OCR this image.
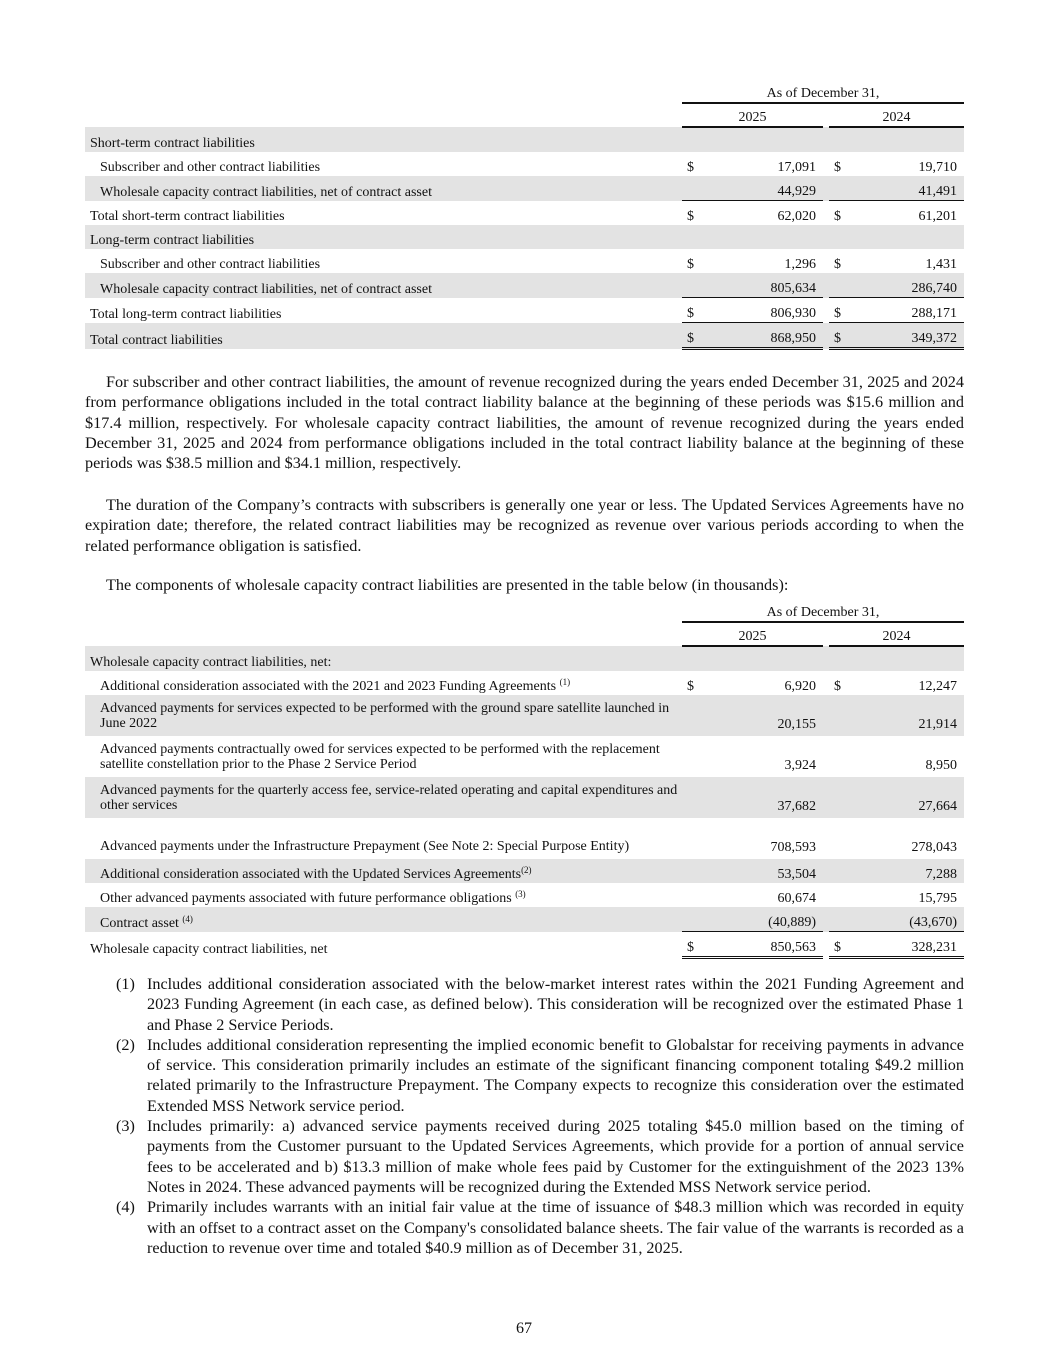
	As of December 31,				
	2025			2024	
Short-term contract liabilities					
Subscriber and other contract liabilities	$	17,091		$	19,710
Wholesale capacity contract liabilities, net of contract asset		44,929			41,491
Total short-term contract liabilities	$	62,020		$	61,201
Long-term contract liabilities					
Subscriber and other contract liabilities	$	1,296		$	1,431
Wholesale capacity contract liabilities, net of contract asset		805,634			286,740
Total long-term contract liabilities	$	806,930		$	288,171
Total contract liabilities	$	868,950		$	349,372

For subscriber and other contract liabilities, the amount of revenue recognized during the years ended December 31, 2025 and 2024 from performance obligations included in the total contract liability balance at the beginning of these periods was $15.6 million and $17.4 million, respectively. For wholesale capacity contract liabilities, the amount of revenue recognized during the years ended December 31, 2025 and 2024 from performance obligations included in the total contract liability balance at the beginning of these periods was $38.5 million and $34.1 million, respectively.

The duration of the Company’s contracts with subscribers is generally one year or less. The Updated Services Agreements have no expiration date; therefore, the related contract liabilities may be recognized as revenue over various periods according to when the related performance obligation is satisfied.

The components of wholesale capacity contract liabilities are presented in the table below (in thousands):

	As of December 31,				
	2025			2024	
Wholesale capacity contract liabilities, net:					
Additional consideration associated with the 2021 and 2023 Funding Agreements $^{(1)}$	$	6,920		$	12,247

Advanced payments for services expected to be performed with the ground spare satellite launched in June 2022		20,155			21,914

Advanced payments contractually owed for services expected to be performed with the replacement satellite constellation prior to the Phase 2 Service Period		3,924			8,950

Advanced payments for the quarterly access fee, service-related operating and capital expenditures and other services		37,682			27,664

Advanced payments under the Infrastructure Prepayment (See Note 2: Special Purpose Entity)		708,593			278,043
Additional consideration associated with the Updated Services Agreements$^{(2)}$		53,504			7,288
Other advanced payments associated with future performance obligations $^{(3)}$		60,674			15,795
Contract asset $^{(4)}$		(40,889)			(43,670)
Wholesale capacity contract liabilities, net	$	850,563		$	328,231
(1) Includes additional consideration associated with the below-market interest rates within the 2021 Funding Agreement and 2023 Funding Agreement (in each case, as defined below). This consideration will be recognized over the estimated Phase 1 and Phase 2 Service Periods.
(2) Includes additional consideration representing the implied economic benefit to Globalstar for receiving payments in advance of service. This consideration primarily includes an estimate of the significant financing component totaling $49.2 million related primarily to the Infrastructure Prepayment. The Company expects to recognize this consideration over the estimated Extended MSS Network service period.
(3) Includes primarily: a) advanced service payments received during 2025 totaling $45.0 million based on the timing of payments from the Customer pursuant to the Updated Services Agreements, which provide for a portion of annual service fees to be accelerated and b) $13.3 million of make whole fees paid by Customer for the extinguishment of the 2023 13% Notes in 2024. These advanced payments will be recognized during the Extended MSS Network service period.
(4) Primarily includes warrants with an initial fair value at the time of issuance of $48.3 million which was recorded in equity with an offset to a contract asset on the Company's consolidated balance sheets. The fair value of the warrants is recorded as a reduction to revenue over time and totaled $40.9 million as of December 31, 2025.
67
